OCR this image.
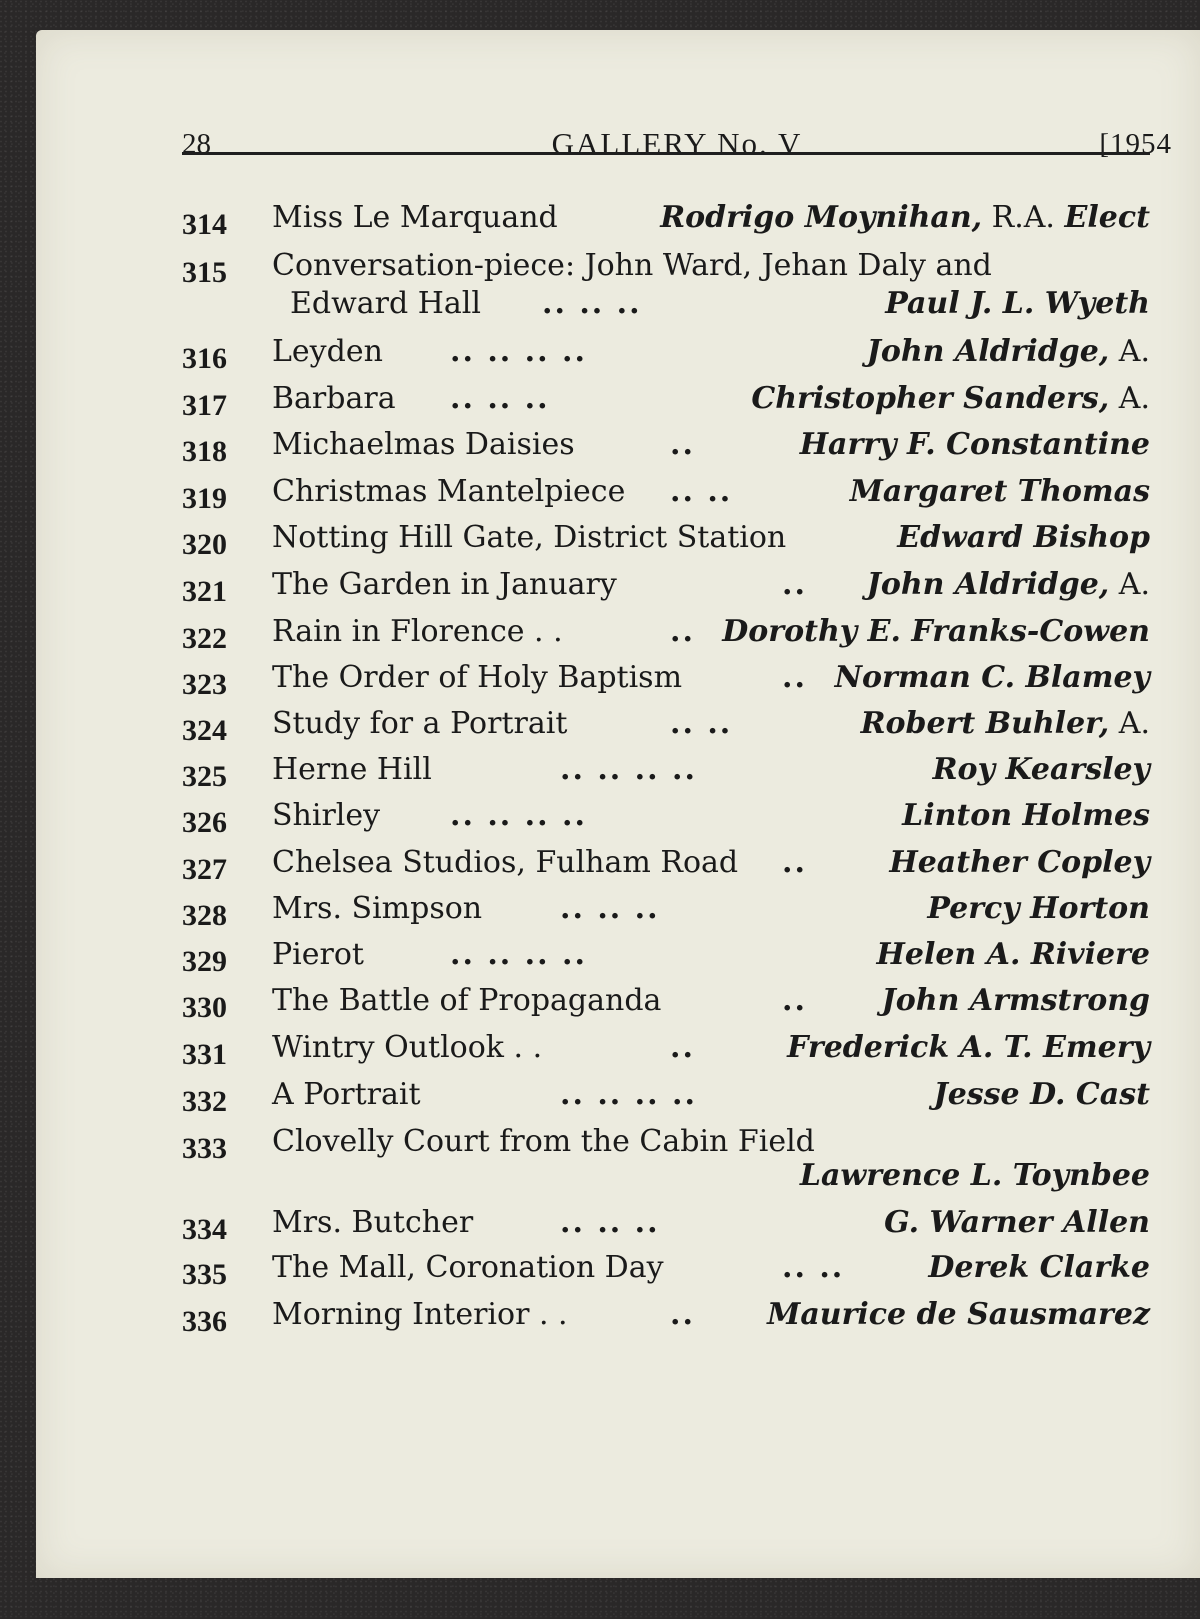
28	GALLERY No. V	[1954
314 Miss Le Marquand	Rodrigo Moynihan, R.A. Elect
315 Conversation-piece: John Ward, Jehan Daly and
Edward Hall .. .. ..	Paul J. L. Wyeth
316 Leyden .. .. .. ..	John Aldridge, A.
317 Barbara .. .. ..	Christopher Sanders, A.
318 Michaelmas Daisies	..	Harry F. Constantine
319 Christmas Mantelpiece .. ..	Margaret Thomas
320 Notting Hill Gate, District Station	Edward Bishop
321 The Garden in January	.. John Aldridge, A.
322 Rain in Florence . .	.. Dorothy E. Franks-Cowen
323 The Order of Holy Baptism	.. Norman C. Blamey
324 Study for a Portrait	.. ..	Robert Buhler, A.
325 Herne Hill	.. .. .. ..	Roy Kearsley
326 Shirley .. .. .. ..	Linton Holmes
327 Chelsea Studios, Fulham Road ..	Heather Copley
328 Mrs. Simpson	.. .. ..	Percy Horton
329 Pierot	.. .. .. ..	Helen A. Riviere
330 The Battle of Propaganda	.. John Armstrong
331 Wintry Outlook . .	..	Frederick A. T. Emery
332 A Portrait	.. .. .. ..	Jesse D. Cast
333 Clovelly Court from the Cabin Field
Lawrence L. Toynbee
334 Mrs. Butcher	.. .. ..	G. Warner Allen
335 The Mall, Coronation Day	.. ..	Derek Clarke
336 Morning Interior . .	.. Maurice de Sausmarez
